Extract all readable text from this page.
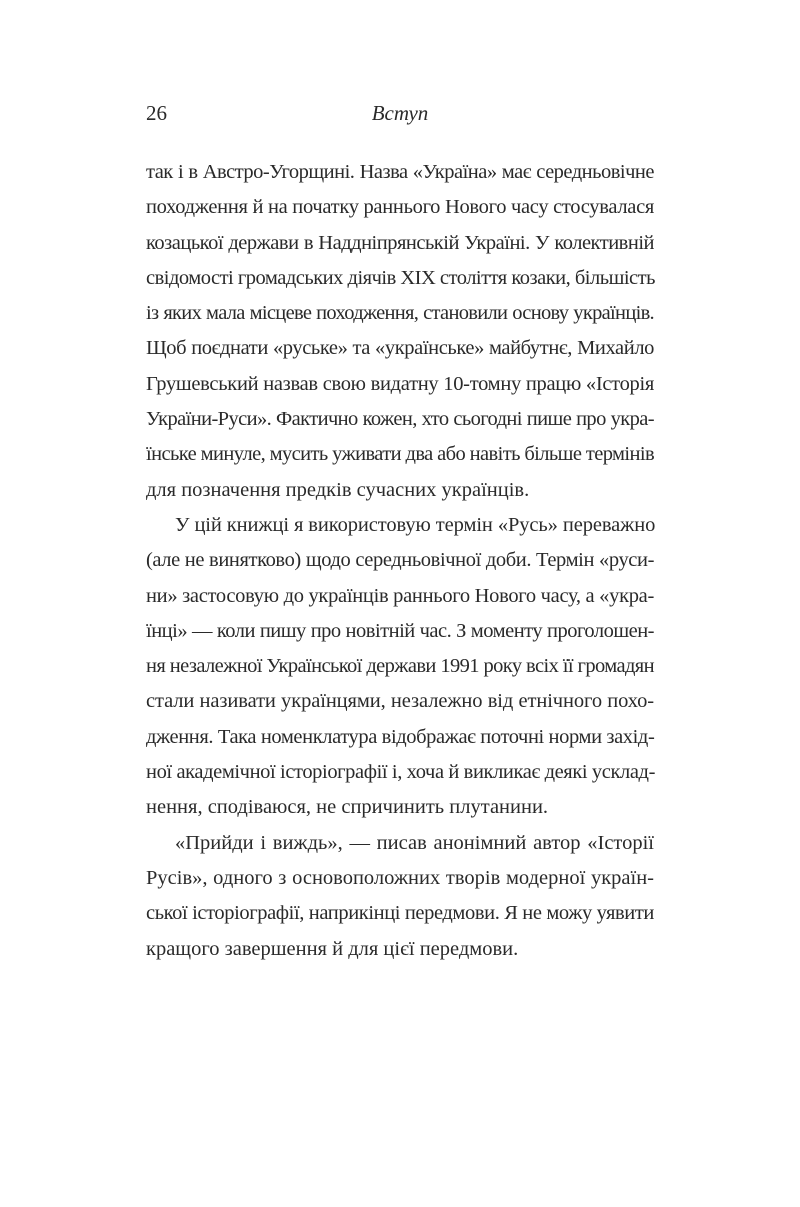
26	Вступ
так і в Австро-Угорщині. Назва «Україна» має середньовічне
походження й на початку раннього Нового часу стосувалася
козацької держави в Наддніпрянській Україні. У колективній
свідомості громадських діячів XIX століття козаки, більшість
із яких мала місцеве походження, становили основу українців.
Щоб поєднати «руське» та «українське» майбутнє, Михайло
Грушевський назвав свою видатну 10-томну працю «Історія
України-Руси». Фактично кожен, хто сьогодні пише про укра-
їнське минуле, мусить уживати два або навіть більше термінів
для позначення предків сучасних українців.
У цій книжці я використовую термін «Русь» переважно
(але не винятково) щодо середньовічної доби. Термін «руси-
ни» застосовую до українців раннього Нового часу, а «укра-
їнці» — коли пишу про новітній час. З моменту проголошен-
ня незалежної Української держави 1991 року всіх її громадян
стали називати українцями, незалежно від етнічного похо-
дження. Така номенклатура відображає поточні норми захід-
ної академічної історіографії і, хоча й викликає деякі усклад-
нення, сподіваюся, не спричинить плутанини.
«Прийди і виждь», — писав анонімний автор «Історії
Русів», одного з основоположних творів модерної україн-
ської історіографії, наприкінці передмови. Я не можу уявити
кращого завершення й для цієї передмови.
